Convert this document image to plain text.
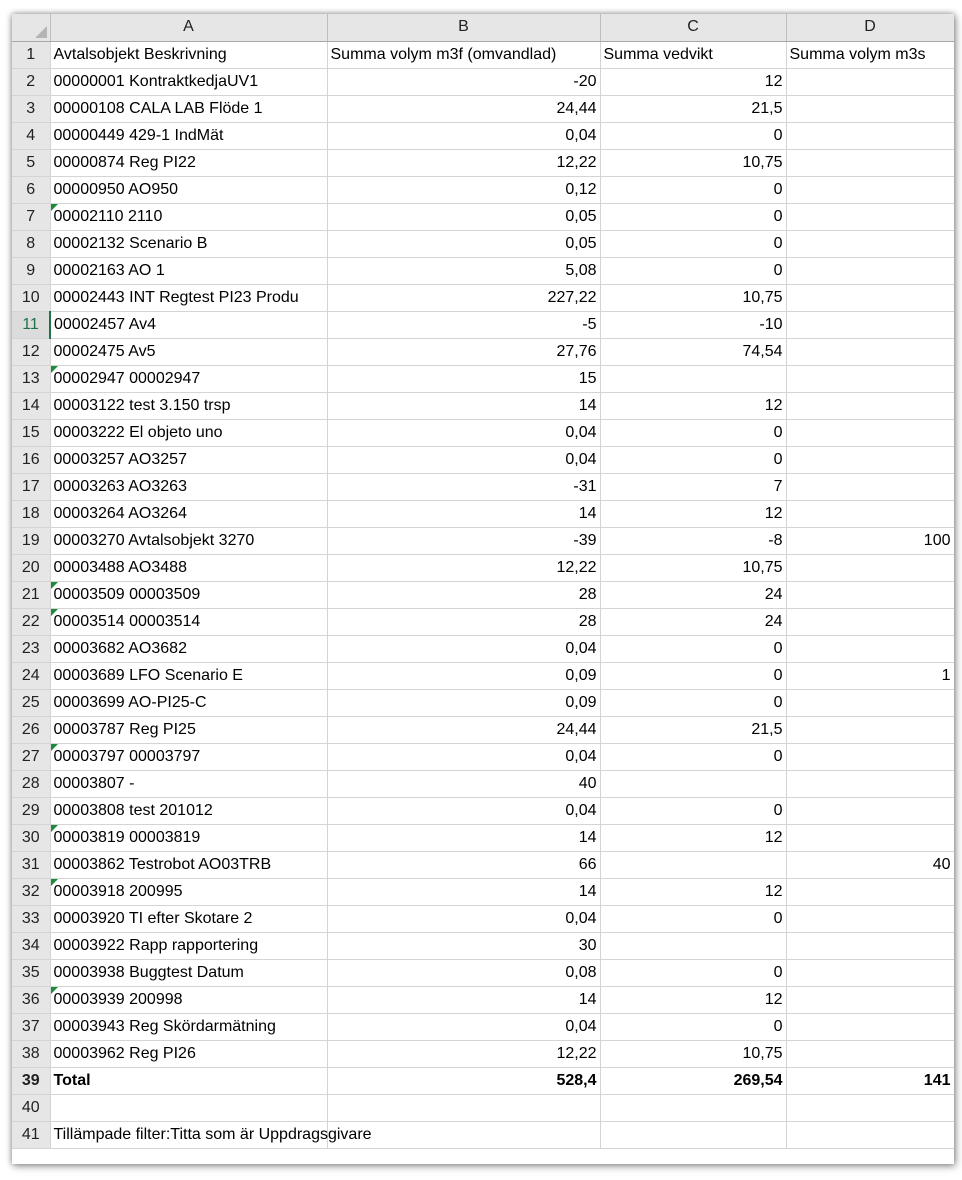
	A	B	C	D
1	Avtalsobjekt Beskrivning	Summa volym m3f (omvandlad)	Summa vedvikt	Summa volym m3s
2	00000001 KontraktkedjaUV1	-20	12	
3	00000108 CALA LAB Flöde 1	24,44	21,5	
4	00000449 429-1 IndMät	0,04	0	
5	00000874 Reg PI22	12,22	10,75	
6	00000950 AO950	0,12	0	
7	00002110 2110	0,05	0	
8	00002132 Scenario B	0,05	0	
9	00002163 AO 1	5,08	0	
10	00002443 INT Regtest PI23 Produ	227,22	10,75	
11	00002457 Av4	-5	-10	
12	00002475 Av5	27,76	74,54	
13	00002947 00002947	15		
14	00003122 test 3.150 trsp	14	12	
15	00003222 El objeto uno	0,04	0	
16	00003257 AO3257	0,04	0	
17	00003263 AO3263	-31	7	
18	00003264 AO3264	14	12	
19	00003270 Avtalsobjekt 3270	-39	-8	100
20	00003488 AO3488	12,22	10,75	
21	00003509 00003509	28	24	
22	00003514 00003514	28	24	
23	00003682 AO3682	0,04	0	
24	00003689 LFO Scenario E	0,09	0	1
25	00003699 AO-PI25-C	0,09	0	
26	00003787 Reg PI25	24,44	21,5	
27	00003797 00003797	0,04	0	
28	00003807 -	40		
29	00003808 test 201012	0,04	0	
30	00003819 00003819	14	12	
31	00003862 Testrobot AO03TRB	66		40
32	00003918 200995	14	12	
33	00003920 TI efter Skotare 2	0,04	0	
34	00003922 Rapp rapportering	30		
35	00003938 Buggtest Datum	0,08	0	
36	00003939 200998	14	12	
37	00003943 Reg Skördarmätning	0,04	0	
38	00003962 Reg PI26	12,22	10,75	
39	Total	528,4	269,54	141
40				
41	Tillämpade filter:Titta som är Uppdragsgivare			
